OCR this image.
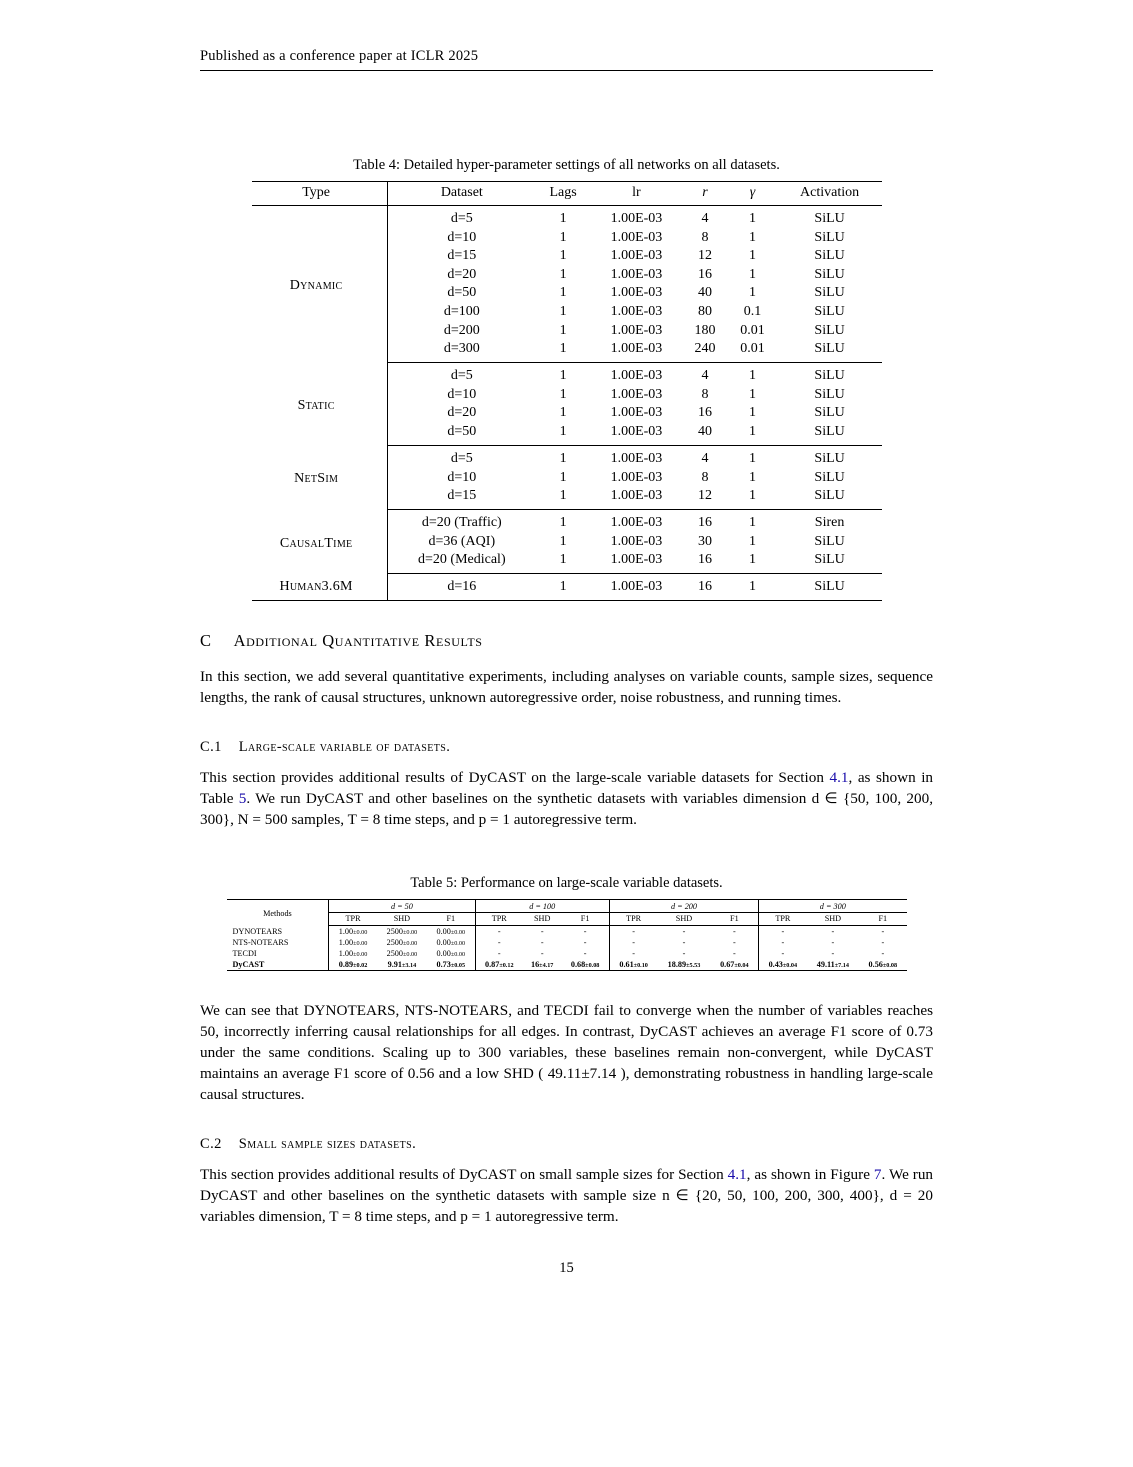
Published as a conference paper at ICLR 2025
Table 4: Detailed hyper-parameter settings of all networks on all datasets.
Type	Dataset	Lags	lr	r	γ	Activation
Dynamic	d=5	1	1.00E-03	4	1	SiLU
	d=10	1	1.00E-03	8	1	SiLU
	d=15	1	1.00E-03	12	1	SiLU
	d=20	1	1.00E-03	16	1	SiLU
	d=50	1	1.00E-03	40	1	SiLU
	d=100	1	1.00E-03	80	0.1	SiLU
	d=200	1	1.00E-03	180	0.01	SiLU
	d=300	1	1.00E-03	240	0.01	SiLU
Static	d=5	1	1.00E-03	4	1	SiLU
	d=10	1	1.00E-03	8	1	SiLU
	d=20	1	1.00E-03	16	1	SiLU
	d=50	1	1.00E-03	40	1	SiLU
NetSim	d=5	1	1.00E-03	4	1	SiLU
	d=10	1	1.00E-03	8	1	SiLU
	d=15	1	1.00E-03	12	1	SiLU
CausalTime	d=20 (Traffic)	1	1.00E-03	16	1	Siren
	d=36 (AQI)	1	1.00E-03	30	1	SiLU
	d=20 (Medical)	1	1.00E-03	16	1	SiLU
Human3.6M	d=16	1	1.00E-03	16	1	SiLU
C Additional Quantitative Results

In this section, we add several quantitative experiments, including analyses on variable counts, sample sizes, sequence lengths, the rank of causal structures, unknown autoregressive order, noise robustness, and running times.

C.1 Large-scale variable of datasets.

This section provides additional results of DyCAST on the large-scale variable datasets for Section 4.1, as shown in Table 5. We run DyCAST and other baselines on the synthetic datasets with variables dimension d ∈ {50, 100, 200, 300}, N = 500 samples, T = 8 time steps, and p = 1 autoregressive term.

Table 5: Performance on large-scale variable datasets.
Methods	d = 50			d = 100			d = 200			d = 300		
	TPR	SHD	F1	TPR	SHD	F1	TPR	SHD	F1	TPR	SHD	F1
DYNOTEARS	1.00±0.00	2500±0.00	0.00±0.00	-	-	-	-	-	-	-	-	-
NTS-NOTEARS	1.00±0.00	2500±0.00	0.00±0.00	-	-	-	-	-	-	-	-	-
TECDI	1.00±0.00	2500±0.00	0.00±0.00	-	-	-	-	-	-	-	-	-
DyCAST	0.89±0.02	9.91±3.14	0.73±0.05	0.87±0.12	16±4.17	0.68±0.08	0.61±0.10	18.89±5.53	0.67±0.04	0.43±0.04	49.11±7.14	0.56±0.08

We can see that DYNOTEARS, NTS-NOTEARS, and TECDI fail to converge when the number of variables reaches 50, incorrectly inferring causal relationships for all edges. In contrast, DyCAST achieves an average F1 score of 0.73 under the same conditions. Scaling up to 300 variables, these baselines remain non-convergent, while DyCAST maintains an average F1 score of 0.56 and a low SHD ( 49.11±7.14 ), demonstrating robustness in handling large-scale causal structures.

C.2 Small sample sizes datasets.

This section provides additional results of DyCAST on small sample sizes for Section 4.1, as shown in Figure 7. We run DyCAST and other baselines on the synthetic datasets with sample size n ∈ {20, 50, 100, 200, 300, 400}, d = 20 variables dimension, T = 8 time steps, and p = 1 autoregressive term.

15
